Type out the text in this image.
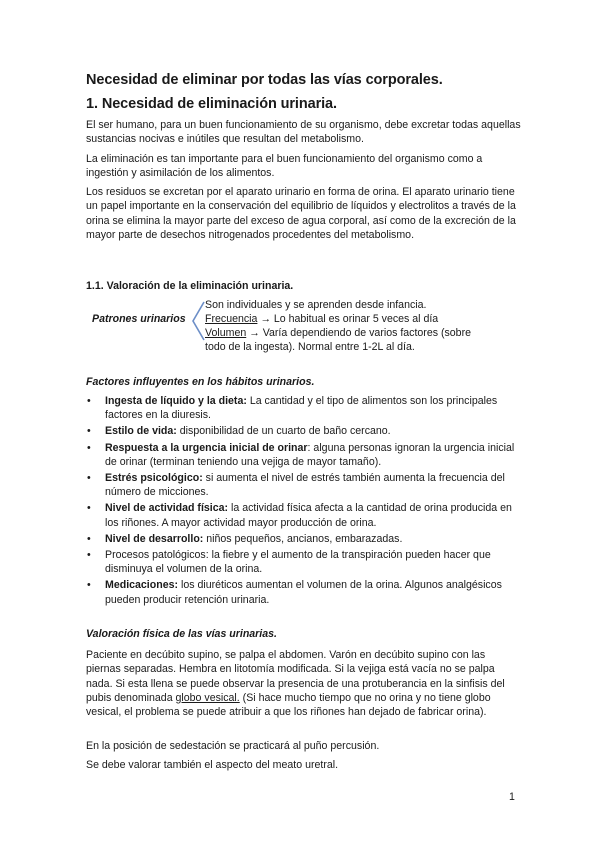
Necesidad de eliminar por todas las vías corporales.
1. Necesidad de eliminación urinaria.

El ser humano, para un buen funcionamiento de su organismo, debe excretar todas aquellas sustancias nocivas e inútiles que resultan del metabolismo.

La eliminación es tan importante para el buen funcionamiento del organismo como a ingestión y asimilación de los alimentos.

Los residuos se excretan por el aparato urinario en forma de orina. El aparato urinario tiene un papel importante en la conservación del equilibrio de líquidos y electrolitos a través de la orina se elimina la mayor parte del exceso de agua corporal, así como de la excreción de la mayor parte de desechos nitrogenados procedentes del metabolismo.

1.1. Valoración de la eliminación urinaria.
Patrones urinarios
Son individuales y se aprenden desde infancia.
Frecuencia → Lo habitual es orinar 5 veces al día
Volumen → Varía dependiendo de varios factores (sobre
todo de la ingesta). Normal entre 1-2L al día.
Factores influyentes en los hábitos urinarios.
• Ingesta de líquido y la dieta: La cantidad y el tipo de alimentos son los principales factores en la diuresis.
• Estilo de vida: disponibilidad de un cuarto de baño cercano.
• Respuesta a la urgencia inicial de orinar: alguna personas ignoran la urgencia inicial de orinar (terminan teniendo una vejiga de mayor tamaño).
• Estrés psicológico: si aumenta el nivel de estrés también aumenta la frecuencia del número de micciones.
• Nivel de actividad física: la actividad física afecta a la cantidad de orina producida en los riñones. A mayor actividad mayor producción de orina.
• Nivel de desarrollo: niños pequeños, ancianos, embarazadas.
• Procesos patológicos: la fiebre y el aumento de la transpiración pueden hacer que disminuya el volumen de la orina.
• Medicaciones: los diuréticos aumentan el volumen de la orina. Algunos analgésicos pueden producir retención urinaria.
Valoración física de las vías urinarias.

Paciente en decúbito supino, se palpa el abdomen. Varón en decúbito supino con las piernas separadas. Hembra en litotomía modificada. Si la vejiga está vacía no se palpa nada. Si esta llena se puede observar la presencia de una protuberancia en la sinfisis del pubis denominada globo vesical. (Si hace mucho tiempo que no orina y no tiene globo vesical, el problema se puede atribuir a que los riñones han dejado de fabricar orina).

En la posición de sedestación se practicará al puño percusión.

Se debe valorar también el aspecto del meato uretral.

1
